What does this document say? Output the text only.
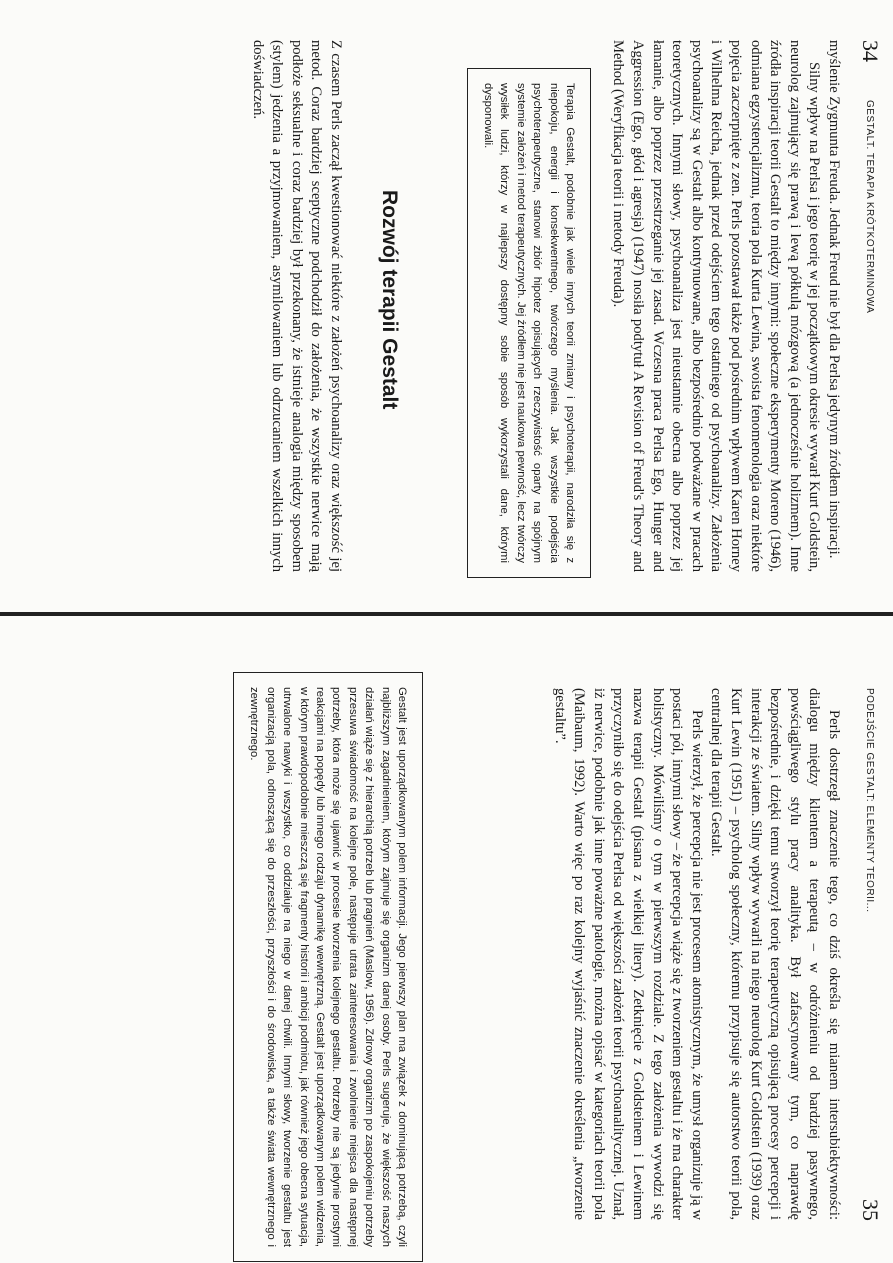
34
GESTALT. TERAPIA KRÓTKOTERMINOWA

myślenie Zygmunta Freuda. Jednak Freud nie był dla Perlsa jedynym źródłem inspiracji.

Silny wpływ na Perlsa i jego teorię w jej początkowym okresie wywarł Kurt Goldstein, neurolog zajmujący się prawą i lewą półkulą mózgową (a jednocześnie holizmem). Inne źródła inspiracji teorii Gestalt to między innymi: społeczne eksperymenty Moreno (1946), odmiana egzystencjalizmu, teoria pola Kurta Lewina, swoista fenomenologia oraz niektóre pojęcia zaczerpnięte z zen. Perls pozostawał także pod pośrednim wpływem Karen Horney i Wilhelma Reicha, jednak przed odejściem tego ostatniego od psychoanalizy. Założenia psychoanalizy są w Gestalt albo kontynuowane, albo bezpośrednio podważane w pracach teoretycznych. Innymi słowy, psychoanaliza jest nieustannie obecna albo poprzez jej łamanie, albo poprzez przestrzeganie jej zasad. Wczesna praca Perlsa Ego, Hunger and Aggression (Ego, głód i agresja) (1947) nosiła podtytuł A Revision of Freud's Theory and Method (Weryfikacja teorii i metody Freuda).

Terapia Gestalt, podobnie jak wiele innych teorii zmiany i psychoterapii, narodziła się z niepokoju, energii i konsekwentnego, twórczego myślenia. Jak wszystkie podejścia psychoterapeutyczne, stanowi zbiór hipotez opisujących rzeczywistość oparty na spójnym systemie założeń i metod terapeutycznych. Jej źródłem nie jest naukowa pewność, lecz twórczy wysiłek ludzi, którzy w najlepszy dostępny sobie sposób wykorzystali dane, którymi dysponowali.

Rozwój terapii Gestalt

Z czasem Perls zaczął kwestionować niektóre z założeń psychoanalizy oraz większość jej metod. Coraz bardziej sceptyczne podchodził do założenia, że wszystkie nerwice mają podłoże seksualne i coraz bardziej był przekonany, że istnieje analogia między sposobem (stylem) jedzenia a przyjmowaniem, asymilowaniem lub odrzucaniem wszelkich innych doświadczeń.

PODEJŚCIE GESTALT: ELEMENTY TEORII...
35

Perls dostrzegł znaczenie tego, co dziś określa się mianem intersubiektywności: dialogu między klientem a terapeutą – w odróżnieniu od bardziej pasywnego, powściągliwego stylu pracy analityka. Był zafascynowany tym, co naprawdę bezpośrednie, i dzięki temu stworzył teorię terapeutyczną opisującą procesy percepcji i interakcji ze światem. Silny wpływ wywarli na niego neurolog Kurt Goldstein (1939) oraz Kurt Lewin (1951) – psycholog społeczny, któremu przypisuje się autorstwo teorii pola, centralnej dla terapii Gestalt.

Perls wierzył, że percepcja nie jest procesem atomistycznym, że umysł organizuje ją w postaci pól, innymi słowy – że percepcja wiąże się z tworzeniem gestaltu i że ma charakter holistyczny. Mówiliśmy o tym w pierwszym rozdziale. Z tego założenia wywodzi się nazwa terapii Gestalt (pisana z wielkiej litery). Zetknięcie z Goldsteinem i Lewinem przyczyniło się do odejścia Perlsa od większości założeń teorii psychoanalitycznej. Uznał, iż nerwice, podobnie jak inne poważne patologie, można opisać w kategoriach teorii pola (Maibaum, 1992). Warto więc po raz kolejny wyjaśnić znaczenie określenia „tworzenie gestaltu”.

Gestalt jest uporządkowanym polem informacji. Jego pierwszy plan ma związek z dominującą potrzebą, czyli najbliższym zagadnieniem, którym zajmuje się organizm danej osoby. Perls sugeruje, że większość naszych działań wiąże się z hierarchią potrzeb lub pragnień (Maslow, 1956). Zdrowy organizm po zaspokojeniu potrzeby przesuwa świadomość na kolejne pole, następuje utrata zainteresowania i zwolnienie miejsca dla następnej potrzeby, która może się ujawnić w procesie tworzenia kolejnego gestaltu. Potrzeby nie są jedynie prostymi reakcjami na popędy lub innego rodzaju dynamikę wewnętrzną. Gestalt jest uporządkowanym polem widzenia, w którym prawdopodobnie mieszczą się fragmenty historii i ambicji podmiotu, jak również jego obecna sytuacja, utrwalone nawyki i wszystko, co oddziałuje na niego w danej chwili. Innymi słowy, tworzenie gestaltu jest organizacją pola, odnoszącą się do przeszłości, przyszłości i do środowiska, a także świata wewnętrznego i zewnętrznego.
